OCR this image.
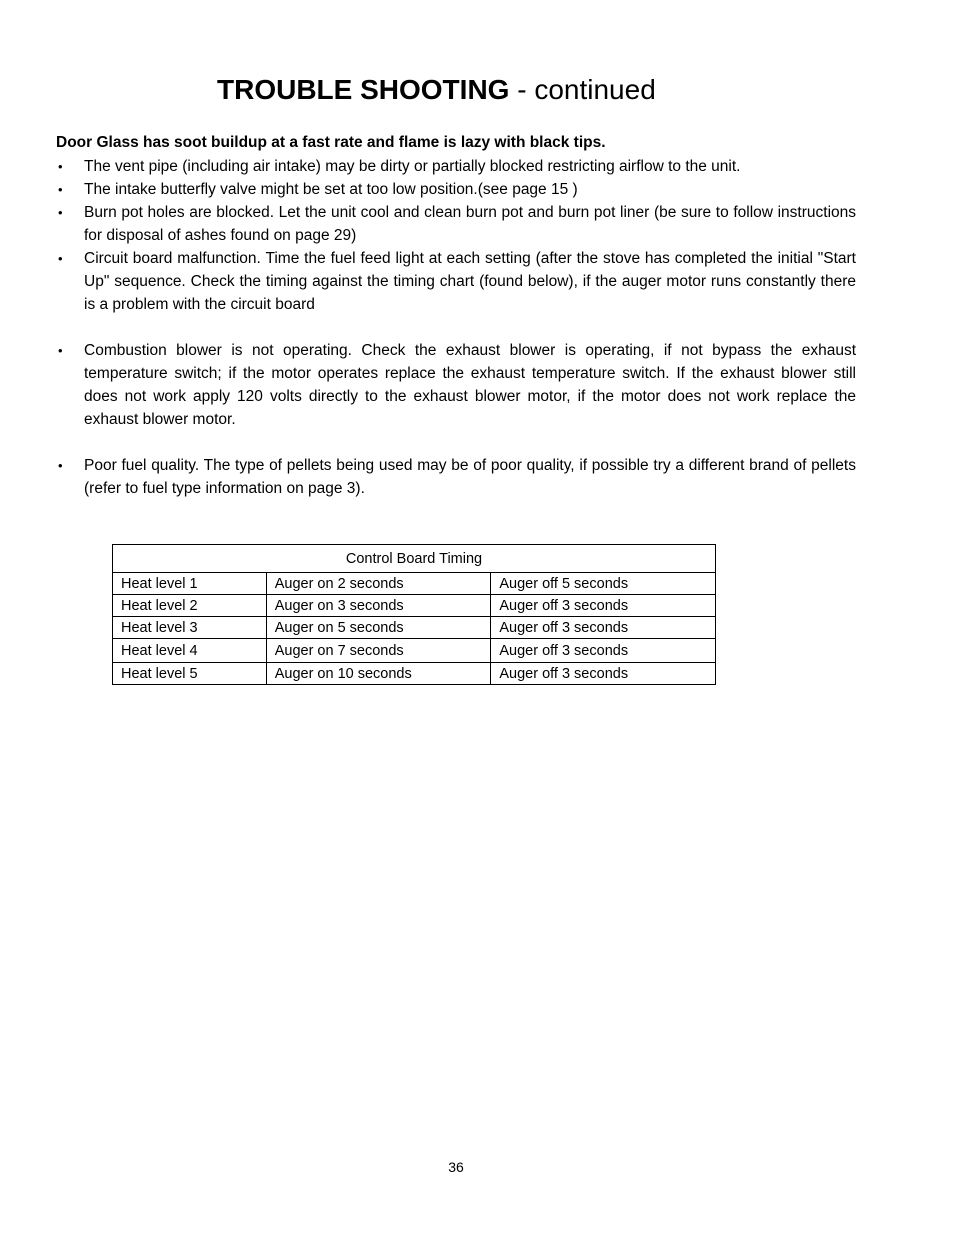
TROUBLE SHOOTING - continued

Door Glass has soot buildup at a fast rate and flame is lazy with black tips.

• The vent pipe (including air intake) may be dirty or partially blocked restricting airflow to the unit.
• The intake butterfly valve might be set at too low position.(see page 15 )
• Burn pot holes are blocked. Let the unit cool and clean burn pot and burn pot liner (be sure to follow instructions for disposal of ashes found on page 29)
• Circuit board malfunction. Time the fuel feed light at each setting (after the stove has completed the initial "Start Up" sequence. Check the timing against the timing chart (found below), if the auger motor runs constantly there is a problem with the circuit board
• Combustion blower is not operating. Check the exhaust blower is operating, if not bypass the exhaust temperature switch; if the motor operates replace the exhaust temperature switch. If the exhaust blower still does not work apply 120 volts directly to the exhaust blower motor, if the motor does not work replace the exhaust blower motor.
• Poor fuel quality. The type of pellets being used may be of poor quality, if possible try a different brand of pellets (refer to fuel type information on page 3).
Control Board Timing		
Heat level 1	Auger on 2 seconds	Auger off 5 seconds
Heat level 2	Auger on 3 seconds	Auger off 3 seconds
Heat level 3	Auger on 5 seconds	Auger off 3 seconds
Heat level 4	Auger on 7 seconds	Auger off 3 seconds
Heat level 5	Auger on 10 seconds	Auger off 3 seconds
36
